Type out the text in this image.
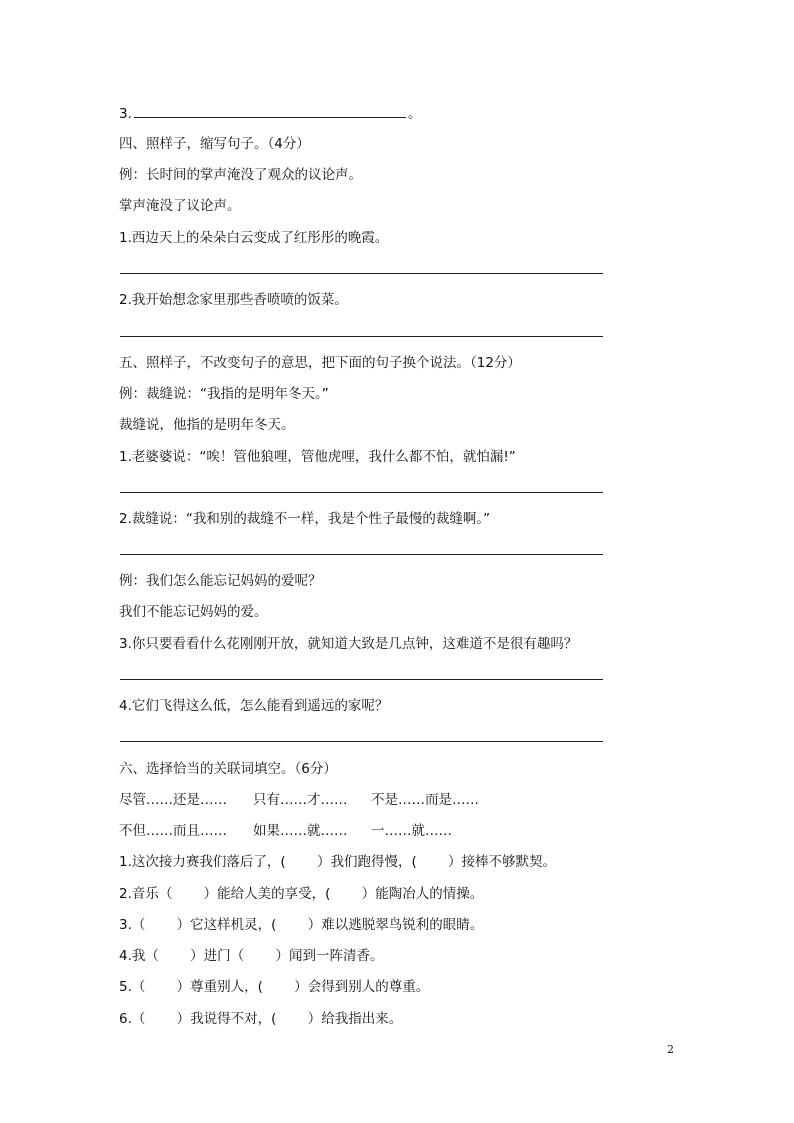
3.	。
四、照样子，缩写句子。（4分）
例：长时间的掌声淹没了观众的议论声。
掌声淹没了议论声。
1.西边天上的朵朵白云变成了红彤彤的晚霞。
2.我开始想念家里那些香喷喷的饭菜。
五、照样子，不改变句子的意思，把下面的句子换个说法。（12分）
例：裁缝说：“我指的是明年冬天。”
裁缝说，他指的是明年冬天。
1.老婆婆说：“唉！管他狼哩，管他虎哩，我什么都不怕，就怕漏!”
2.裁缝说：“我和别的裁缝不一样，我是个性子最慢的裁缝啊。”
例：我们怎么能忘记妈妈的爱呢？
我们不能忘记妈妈的爱。
3.你只要看看什么花刚刚开放，就知道大致是几点钟，这难道不是很有趣吗？
4.它们飞得这么低，怎么能看到遥远的家呢？
六、选择恰当的关联词填空。（6分）
尽管……还是…… 只有……才…… 不是……而是……
不但……而且…… 如果……就…… 一……就……
1.这次接力赛我们落后了，(　　 ）我们跑得慢，(　　 ）接棒不够默契。
2.音乐（　　 ）能给人美的享受，(　　 ）能陶冶人的情操。
3.（　　 ）它这样机灵，(　　 ）难以逃脱翠鸟锐利的眼睛。
4.我（　　 ）进门（　　 ）闻到一阵清香。
5.（　　 ）尊重别人，(　　 ）会得到别人的尊重。
6.（　　 ）我说得不对，(　　 ）给我指出来。
2
